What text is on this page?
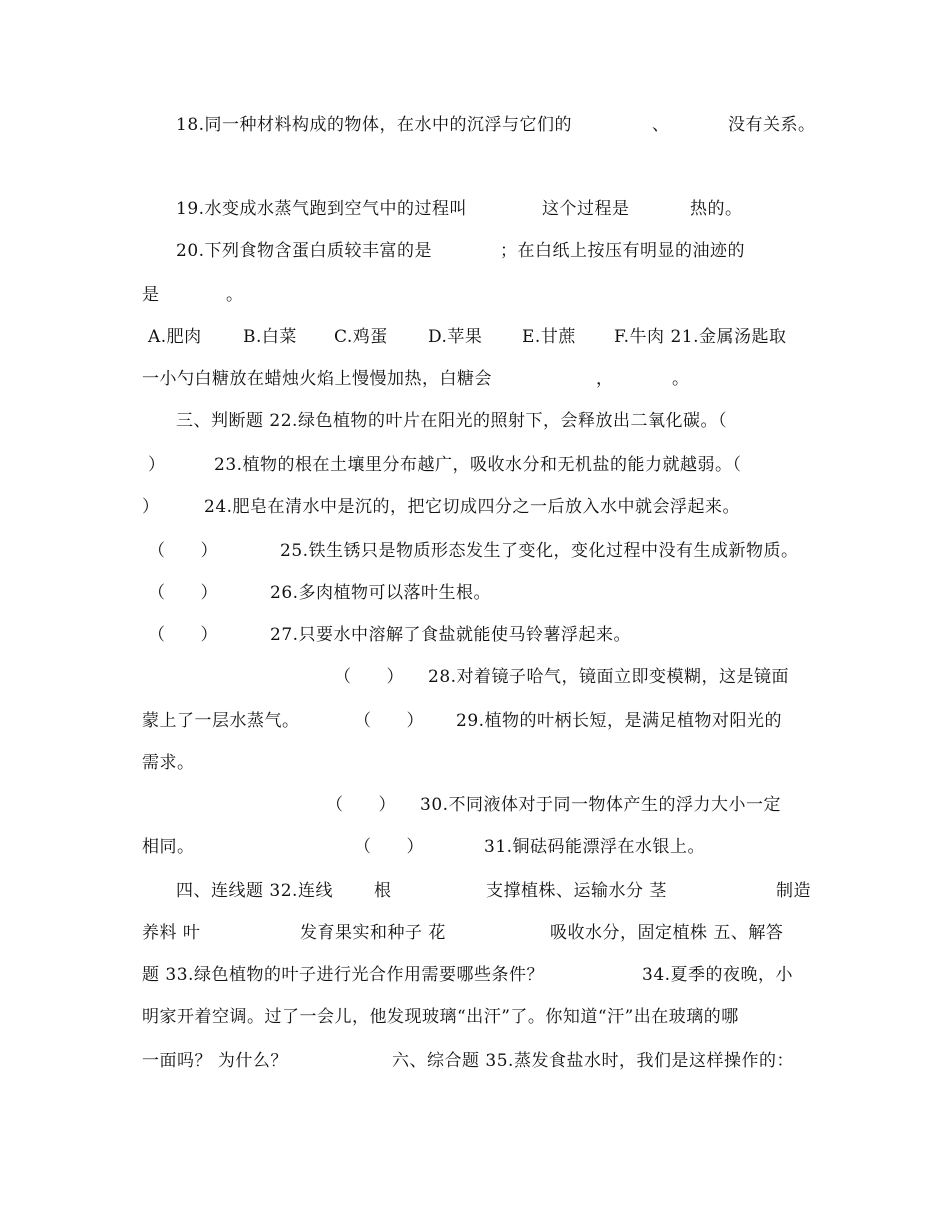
18.同一种材料构成的物体，在水中的沉浮与它们的	、	没有关系。
19.水变成水蒸气跑到空气中的过程叫	这个过程是	热的。
20.下列食物含蛋白质较丰富的是	；在白纸上按压有明显的油迹的
是	。
A.肥肉 B.白菜 C.鸡蛋 D.苹果 E.甘蔗 F.牛肉 21.金属汤匙取
一小勺白糖放在蜡烛火焰上慢慢加热，白糖会	，	。
三、判断题 22.绿色植物的叶片在阳光的照射下，会释放出二氧化碳。（
）	23.植物的根在土壤里分布越广，吸收水分和无机盐的能力就越弱。（
）	24.肥皂在清水中是沉的，把它切成四分之一后放入水中就会浮起来。
（　　）	25.铁生锈只是物质形态发生了变化，变化过程中没有生成新物质。
（　　）	26.多肉植物可以落叶生根。
（　　）	27.只要水中溶解了食盐就能使马铃薯浮起来。
（　　） 28.对着镜子哈气，镜面立即变模糊，这是镜面
蒙上了一层水蒸气。	（　　） 29.植物的叶柄长短，是满足植物对阳光的
需求。
（　　） 30.不同液体对于同一物体产生的浮力大小一定
相同。	（　　）	31.铜砝码能漂浮在水银上。
四、连线题 32.连线 根	支撑植株、运输水分 茎	制造
养料 叶	发育果实和种子 花	吸收水分，固定植株 五、解答
题 33.绿色植物的叶子进行光合作用需要哪些条件？	34.夏季的夜晚，小
明家开着空调。过了一会儿，他发现玻璃“出汗”了。你知道“汗”出在玻璃的哪
一面吗？ 为什么？	六、综合题 35.蒸发食盐水时，我们是这样操作的：
